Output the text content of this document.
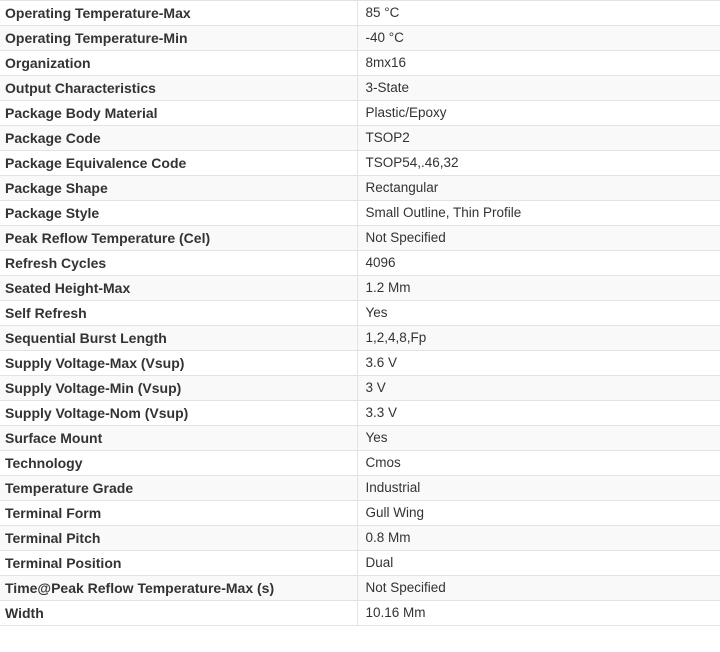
Operating Temperature-Max	85 °C
Operating Temperature-Min	-40 °C
Organization	8mx16
Output Characteristics	3-State
Package Body Material	Plastic/Epoxy
Package Code	TSOP2
Package Equivalence Code	TSOP54,.46,32
Package Shape	Rectangular
Package Style	Small Outline, Thin Profile
Peak Reflow Temperature (Cel)	Not Specified
Refresh Cycles	4096
Seated Height-Max	1.2 Mm
Self Refresh	Yes
Sequential Burst Length	1,2,4,8,Fp
Supply Voltage-Max (Vsup)	3.6 V
Supply Voltage-Min (Vsup)	3 V
Supply Voltage-Nom (Vsup)	3.3 V
Surface Mount	Yes
Technology	Cmos
Temperature Grade	Industrial
Terminal Form	Gull Wing
Terminal Pitch	0.8 Mm
Terminal Position	Dual
Time@Peak Reflow Temperature-Max (s)	Not Specified
Width	10.16 Mm
